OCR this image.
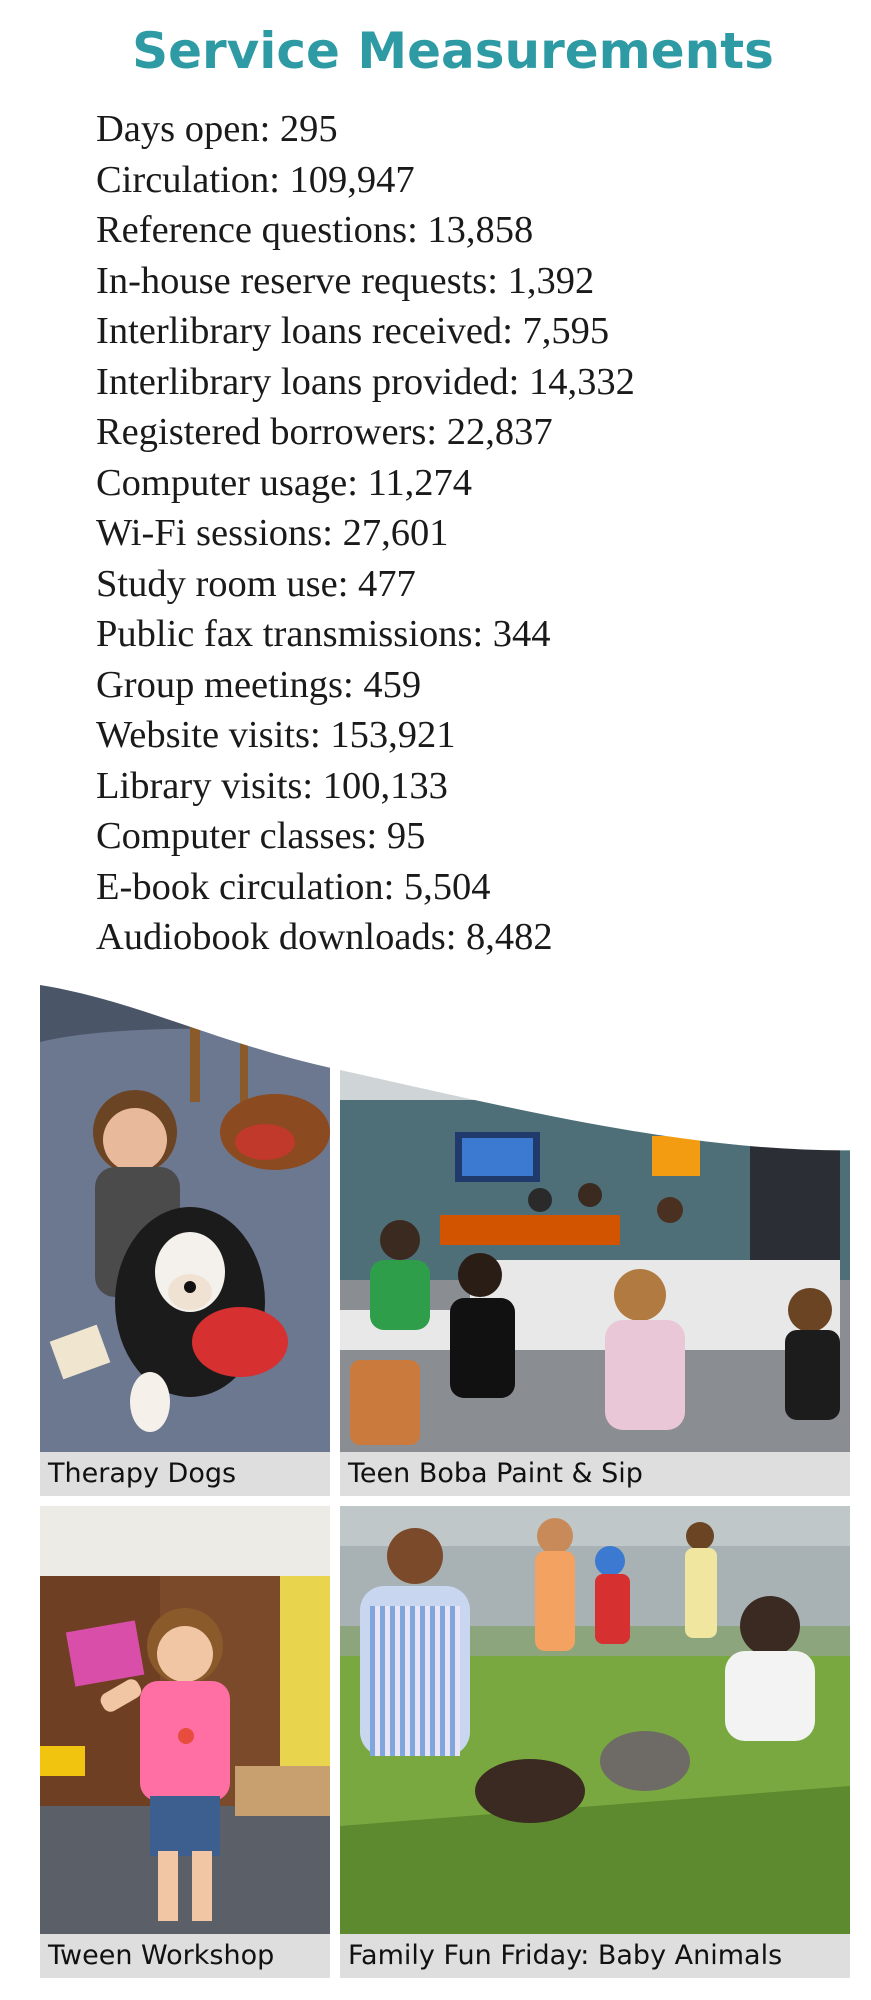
Service Measurements
Days open: 295
Circulation: 109,947
Reference questions: 13,858
In-house reserve requests: 1,392
Interlibrary loans received: 7,595
Interlibrary loans provided: 14,332
Registered borrowers: 22,837
Computer usage: 11,274
Wi-Fi sessions: 27,601
Study room use: 477
Public fax transmissions: 344
Group meetings: 459
Website visits: 153,921
Library visits: 100,133
Computer classes: 95
E-book circulation: 5,504
Audiobook downloads: 8,482
Therapy Dogs	Teen Boba Paint & Sip
Tween Workshop	Family Fun Friday: Baby Animals
